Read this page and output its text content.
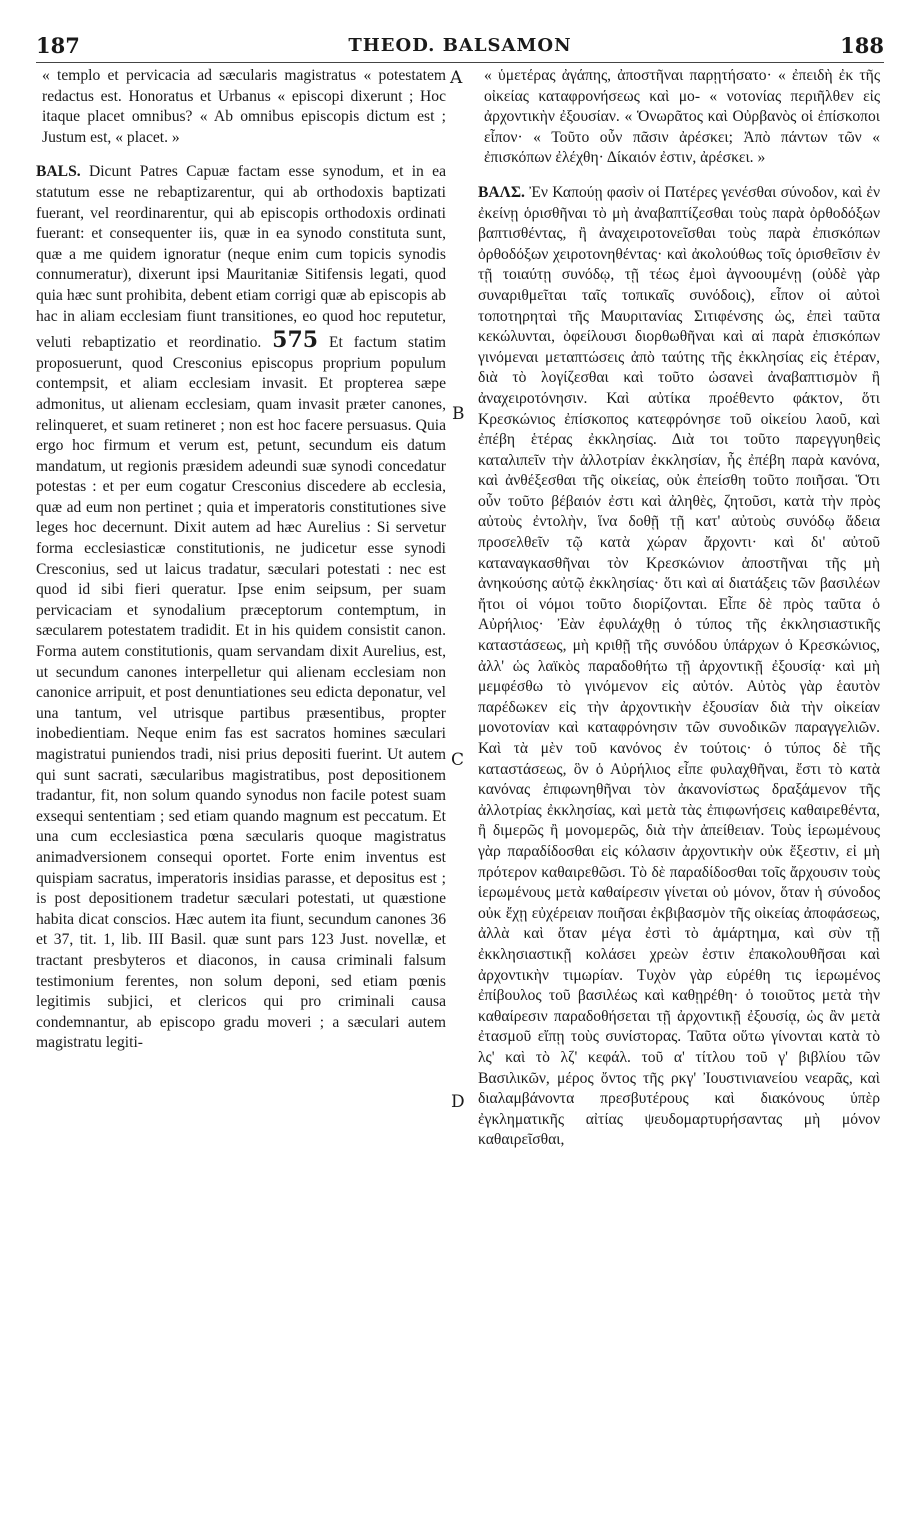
187	THEOD. BALSAMON	188

« templo et pervicacia ad sæcularis magistratus « potestatem redactus est. Honoratus et Urbanus « episcopi dixerunt ; Hoc itaque placet omnibus? « Ab omnibus episcopis dictum est ; Justum est, « placet. »

BALS. Dicunt Patres Capuæ factam esse synodum, et in ea statutum esse ne rebaptizarentur, qui ab orthodoxis baptizati fuerant, vel reordinarentur, qui ab episcopis orthodoxis ordinati fuerant: et consequenter iis, quæ in ea synodo constituta sunt, quæ a me quidem ignoratur (neque enim cum topicis synodis connumeratur), dixerunt ipsi Mauritaniæ Sitifensis legati, quod quia hæc sunt prohibita, debent etiam corrigi quæ ab episcopis ab hac in aliam ecclesiam fiunt transitiones, eo quod hoc reputetur, veluti rebaptizatio et reordinatio. 575 Et factum statim proposuerunt, quod Cresconius episcopus proprium populum contempsit, et aliam ecclesiam invasit. Et propterea sæpe admonitus, ut alienam ecclesiam, quam invasit præter canones, relinqueret, et suam retineret ; non est hoc facere persuasus. Quia ergo hoc firmum et verum est, petunt, secundum eis datum mandatum, ut regionis præsidem adeundi suæ synodi concedatur potestas : et per eum cogatur Cresconius discedere ab ecclesia, quæ ad eum non pertinet ; quia et imperatoris constitutiones sive leges hoc decernunt. Dixit autem ad hæc Aurelius : Si servetur forma ecclesiasticæ constitutionis, ne judicetur esse synodi Cresconius, sed ut laicus tradatur, sæculari potestati : nec est quod id sibi fieri queratur. Ipse enim seipsum, per suam pervicaciam et synodalium præceptorum contemptum, in sæcularem potestatem tradidit. Et in his quidem consistit canon. Forma autem constitutionis, quam servandam dixit Aurelius, est, ut secundum canones interpelletur qui alienam ecclesiam non canonice arripuit, et post denuntiationes seu edicta deponatur, vel una tantum, vel utrisque partibus præsentibus, propter inobedientiam. Neque enim fas est sacratos homines sæculari magistratui puniendos tradi, nisi prius depositi fuerint. Ut autem qui sunt sacrati, sæcularibus magistratibus, post depositionem tradantur, fit, non solum quando synodus non facile potest suam exsequi sententiam ; sed etiam quando magnum est peccatum. Et una cum ecclesiastica pœna sæcularis quoque magistratus animadversionem consequi oportet. Forte enim inventus est quispiam sacratus, imperatoris insidias parasse, et depositus est ; is post depositionem tradetur sæculari potestati, ut quæstione habita dicat conscios. Hæc autem ita fiunt, secundum canones 36 et 37, tit. 1, lib. III Basil. quæ sunt pars 123 Just. novellæ, et tractant presbyteros et diaconos, in causa criminali falsum testimonium ferentes, non solum deponi, sed etiam pœnis legitimis subjici, et clericos qui pro criminali causa condemnantur, ab episcopo gradu moveri ; a sæculari autem magistratu legiti-

« ὑμετέρας ἀγάπης, ἀποστῆναι παρῃτήσατο· « ἐπειδὴ ἐκ τῆς οἰκείας καταφρονήσεως καὶ μο- « νοτονίας περιῆλθεν εἰς ἀρχοντικὴν ἐξουσίαν. « Ὁνωρᾶτος καὶ Οὐρβανὸς οἱ ἐπίσκοποι εἶπον· « Τοῦτο οὖν πᾶσιν ἀρέσκει; Ἀπὸ πάντων τῶν « ἐπισκόπων ἐλέχθη· Δίκαιόν ἐστιν, ἀρέσκει. »

ΒΑΛΣ. Ἐν Καπούῃ φασὶν οἱ Πατέρες γενέσθαι σύνοδον, καὶ ἐν ἐκείνῃ ὁρισθῆναι τὸ μὴ ἀναβαπτίζεσθαι τοὺς παρὰ ὀρθοδόξων βαπτισθέντας, ἢ ἀναχειροτονεῖσθαι τοὺς παρὰ ἐπισκόπων ὀρθοδόξων χειροτονηθέντας· καὶ ἀκολούθως τοῖς ὁρισθεῖσιν ἐν τῇ τοιαύτῃ συνόδῳ, τῇ τέως ἐμοὶ ἀγνοουμένῃ (οὐδὲ γὰρ συναριθμεῖται ταῖς τοπικαῖς συνόδοις), εἶπον οἱ αὐτοὶ τοποτηρηταὶ τῆς Μαυριτανίας Σιτιφένσης ὡς, ἐπεὶ ταῦτα κεκώλυνται, ὀφείλουσι διορθωθῆναι καὶ αἱ παρὰ ἐπισκόπων γινόμεναι μεταπτώσεις ἀπὸ ταύτης τῆς ἐκκλησίας εἰς ἑτέραν, διὰ τὸ λογίζεσθαι καὶ τοῦτο ὡσανεὶ ἀναβαπτισμὸν ἢ ἀναχειροτόνησιν. Καὶ αὐτίκα προέθεντο φάκτον, ὅτι Κρεσκώνιος ἐπίσκοπος κατεφρόνησε τοῦ οἰκείου λαοῦ, καὶ ἐπέβη ἑτέρας ἐκκλησίας. Διὰ τοι τοῦτο παρεγγυηθεὶς καταλιπεῖν τὴν ἀλλοτρίαν ἐκκλησίαν, ἧς ἐπέβη παρὰ κανόνα, καὶ ἀνθέξεσθαι τῆς οἰκείας, οὐκ ἐπείσθη τοῦτο ποιῆσαι. Ὅτι οὖν τοῦτο βέβαιόν ἐστι καὶ ἀληθὲς, ζητοῦσι, κατὰ τὴν πρὸς αὐτοὺς ἐντολὴν, ἵνα δοθῇ τῇ κατ' αὐτοὺς συνόδῳ ἄδεια προσελθεῖν τῷ κατὰ χώραν ἄρχοντι· καὶ δι' αὐτοῦ καταναγκασθῆναι τὸν Κρεσκώνιον ἀποστῆναι τῆς μὴ ἀνηκούσης αὐτῷ ἐκκλησίας· ὅτι καὶ αἱ διατάξεις τῶν βασιλέων ἤτοι οἱ νόμοι τοῦτο διορίζονται. Εἶπε δὲ πρὸς ταῦτα ὁ Αὐρήλιος· Ἐὰν ἐφυλάχθῃ ὁ τύπος τῆς ἐκκλησιαστικῆς καταστάσεως, μὴ κριθῇ τῆς συνόδου ὑπάρχων ὁ Κρεσκώνιος, ἀλλ' ὡς λαϊκὸς παραδοθήτω τῇ ἀρχοντικῇ ἐξουσίᾳ· καὶ μὴ μεμφέσθω τὸ γινόμενον εἰς αὐτόν. Αὐτὸς γὰρ ἑαυτὸν παρέδωκεν εἰς τὴν ἀρχοντικὴν ἐξουσίαν διὰ τὴν οἰκείαν μονοτονίαν καὶ καταφρόνησιν τῶν συνοδικῶν παραγγελιῶν. Καὶ τὰ μὲν τοῦ κανόνος ἐν τούτοις· ὁ τύπος δὲ τῆς καταστάσεως, ὃν ὁ Αὐρήλιος εἶπε φυλαχθῆναι, ἔστι τὸ κατὰ κανόνας ἐπιφωνηθῆναι τὸν ἀκανονίστως δραξάμενον τῆς ἀλλοτρίας ἐκκλησίας, καὶ μετὰ τὰς ἐπιφωνήσεις καθαιρεθέντα, ἢ διμερῶς ἢ μονομερῶς, διὰ τὴν ἀπείθειαν. Τοὺς ἱερωμένους γὰρ παραδίδοσθαι εἰς κόλασιν ἀρχοντικὴν οὐκ ἔξεστιν, εἰ μὴ πρότερον καθαιρεθῶσι. Τὸ δὲ παραδίδοσθαι τοῖς ἄρχουσιν τοὺς ἱερωμένους μετὰ καθαίρεσιν γίνεται οὐ μόνον, ὅταν ἡ σύνοδος οὐκ ἔχῃ εὐχέρειαν ποιῆσαι ἐκβιβασμὸν τῆς οἰκείας ἀποφάσεως, ἀλλὰ καὶ ὅταν μέγα ἐστὶ τὸ ἁμάρτημα, καὶ σὺν τῇ ἐκκλησιαστικῇ κολάσει χρεὼν ἐστιν ἐπακολουθῆσαι καὶ ἀρχοντικὴν τιμωρίαν. Τυχὸν γὰρ εὑρέθη τις ἱερωμένος ἐπίβουλος τοῦ βασιλέως καὶ καθῃρέθη· ὁ τοιοῦτος μετὰ τὴν καθαίρεσιν παραδοθήσεται τῇ ἀρχοντικῇ ἐξουσίᾳ, ὡς ἂν μετὰ ἐτασμοῦ εἴπῃ τοὺς συνίστορας. Ταῦτα οὕτω γίνονται κατὰ τὸ λς' καὶ τὸ λζ' κεφάλ. τοῦ α' τίτλου τοῦ γ' βιβλίου τῶν Βασιλικῶν, μέρος ὄντος τῆς ρκγ' Ἰουστινιανείου νεαρᾶς, καὶ διαλαμβάνοντα πρεσβυτέρους καὶ διακόνους ὑπὲρ ἐγκληματικῆς αἰτίας ψευδομαρτυρήσαντας μὴ μόνον καθαιρεῖσθαι,

A
B
C
D
